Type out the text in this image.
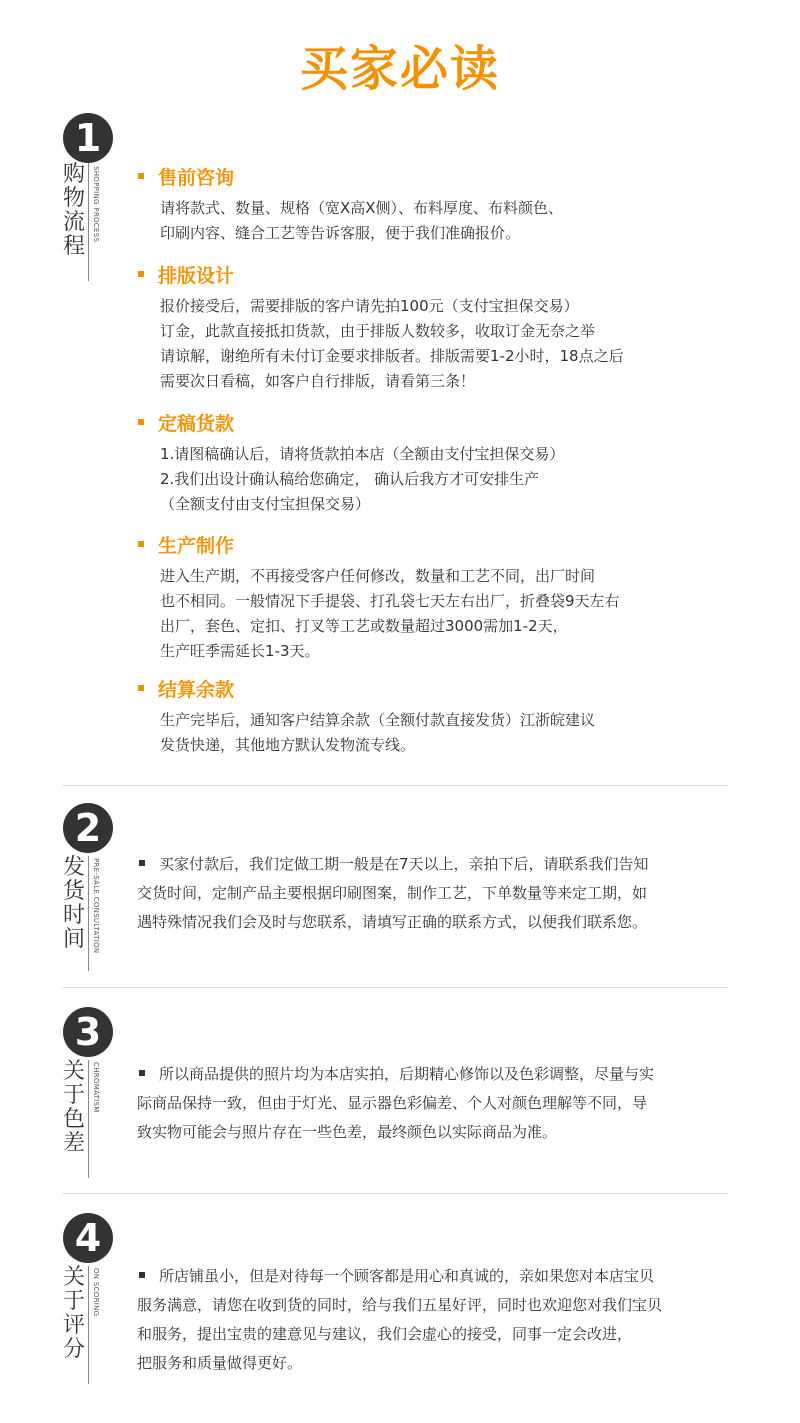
买家必读
1
购物流程
SHOPPING PROCESS	售前咨询
请将款式、数量、规格（宽X高X侧）、布料厚度、布料颜色、
印刷内容、缝合工艺等告诉客服，便于我们准确报价。
排版设计
报价接受后，需要排版的客户请先拍100元（支付宝担保交易）
订金，此款直接抵扣货款，由于排版人数较多，收取订金无奈之举
请谅解，谢绝所有未付订金要求排版者。排版需要1-2小时，18点之后
需要次日看稿，如客户自行排版，请看第三条！
定稿货款
1.请图稿确认后，请将货款拍本店（全额由支付宝担保交易）
2.我们出设计确认稿给您确定， 确认后我方才可安排生产
（全额支付由支付宝担保交易）
生产制作
进入生产期，不再接受客户任何修改，数量和工艺不同，出厂时间
也不相同。一般情况下手提袋、打孔袋七天左右出厂，折叠袋9天左右
出厂，套色、定扣、打叉等工艺或数量超过3000需加1-2天，
生产旺季需延长1-3天。
结算余款
生产完毕后，通知客户结算余款（全额付款直接发货）江浙皖建议
发货快递，其他地方默认发物流专线。
2
发货时间 PRE-SALE CONSULTATION	买家付款后，我们定做工期一般是在7天以上，亲拍下后，请联系我们告知
交货时间，定制产品主要根据印刷图案，制作工艺，下单数量等来定工期，如
遇特殊情况我们会及时与您联系，请填写正确的联系方式，以便我们联系您。
3
关于色差
CHROMATISM	所以商品提供的照片均为本店实拍，后期精心修饰以及色彩调整，尽量与实
际商品保持一致，但由于灯光、显示器色彩偏差、个人对颜色理解等不同，导
致实物可能会与照片存在一些色差，最终颜色以实际商品为准。
4
关于评分
ON SCORING	所店铺虽小，但是对待每一个顾客都是用心和真诚的，亲如果您对本店宝贝
服务满意，请您在收到货的同时，给与我们五星好评，同时也欢迎您对我们宝贝
和服务，提出宝贵的建意见与建议，我们会虚心的接受，同事一定会改进，
把服务和质量做得更好。
